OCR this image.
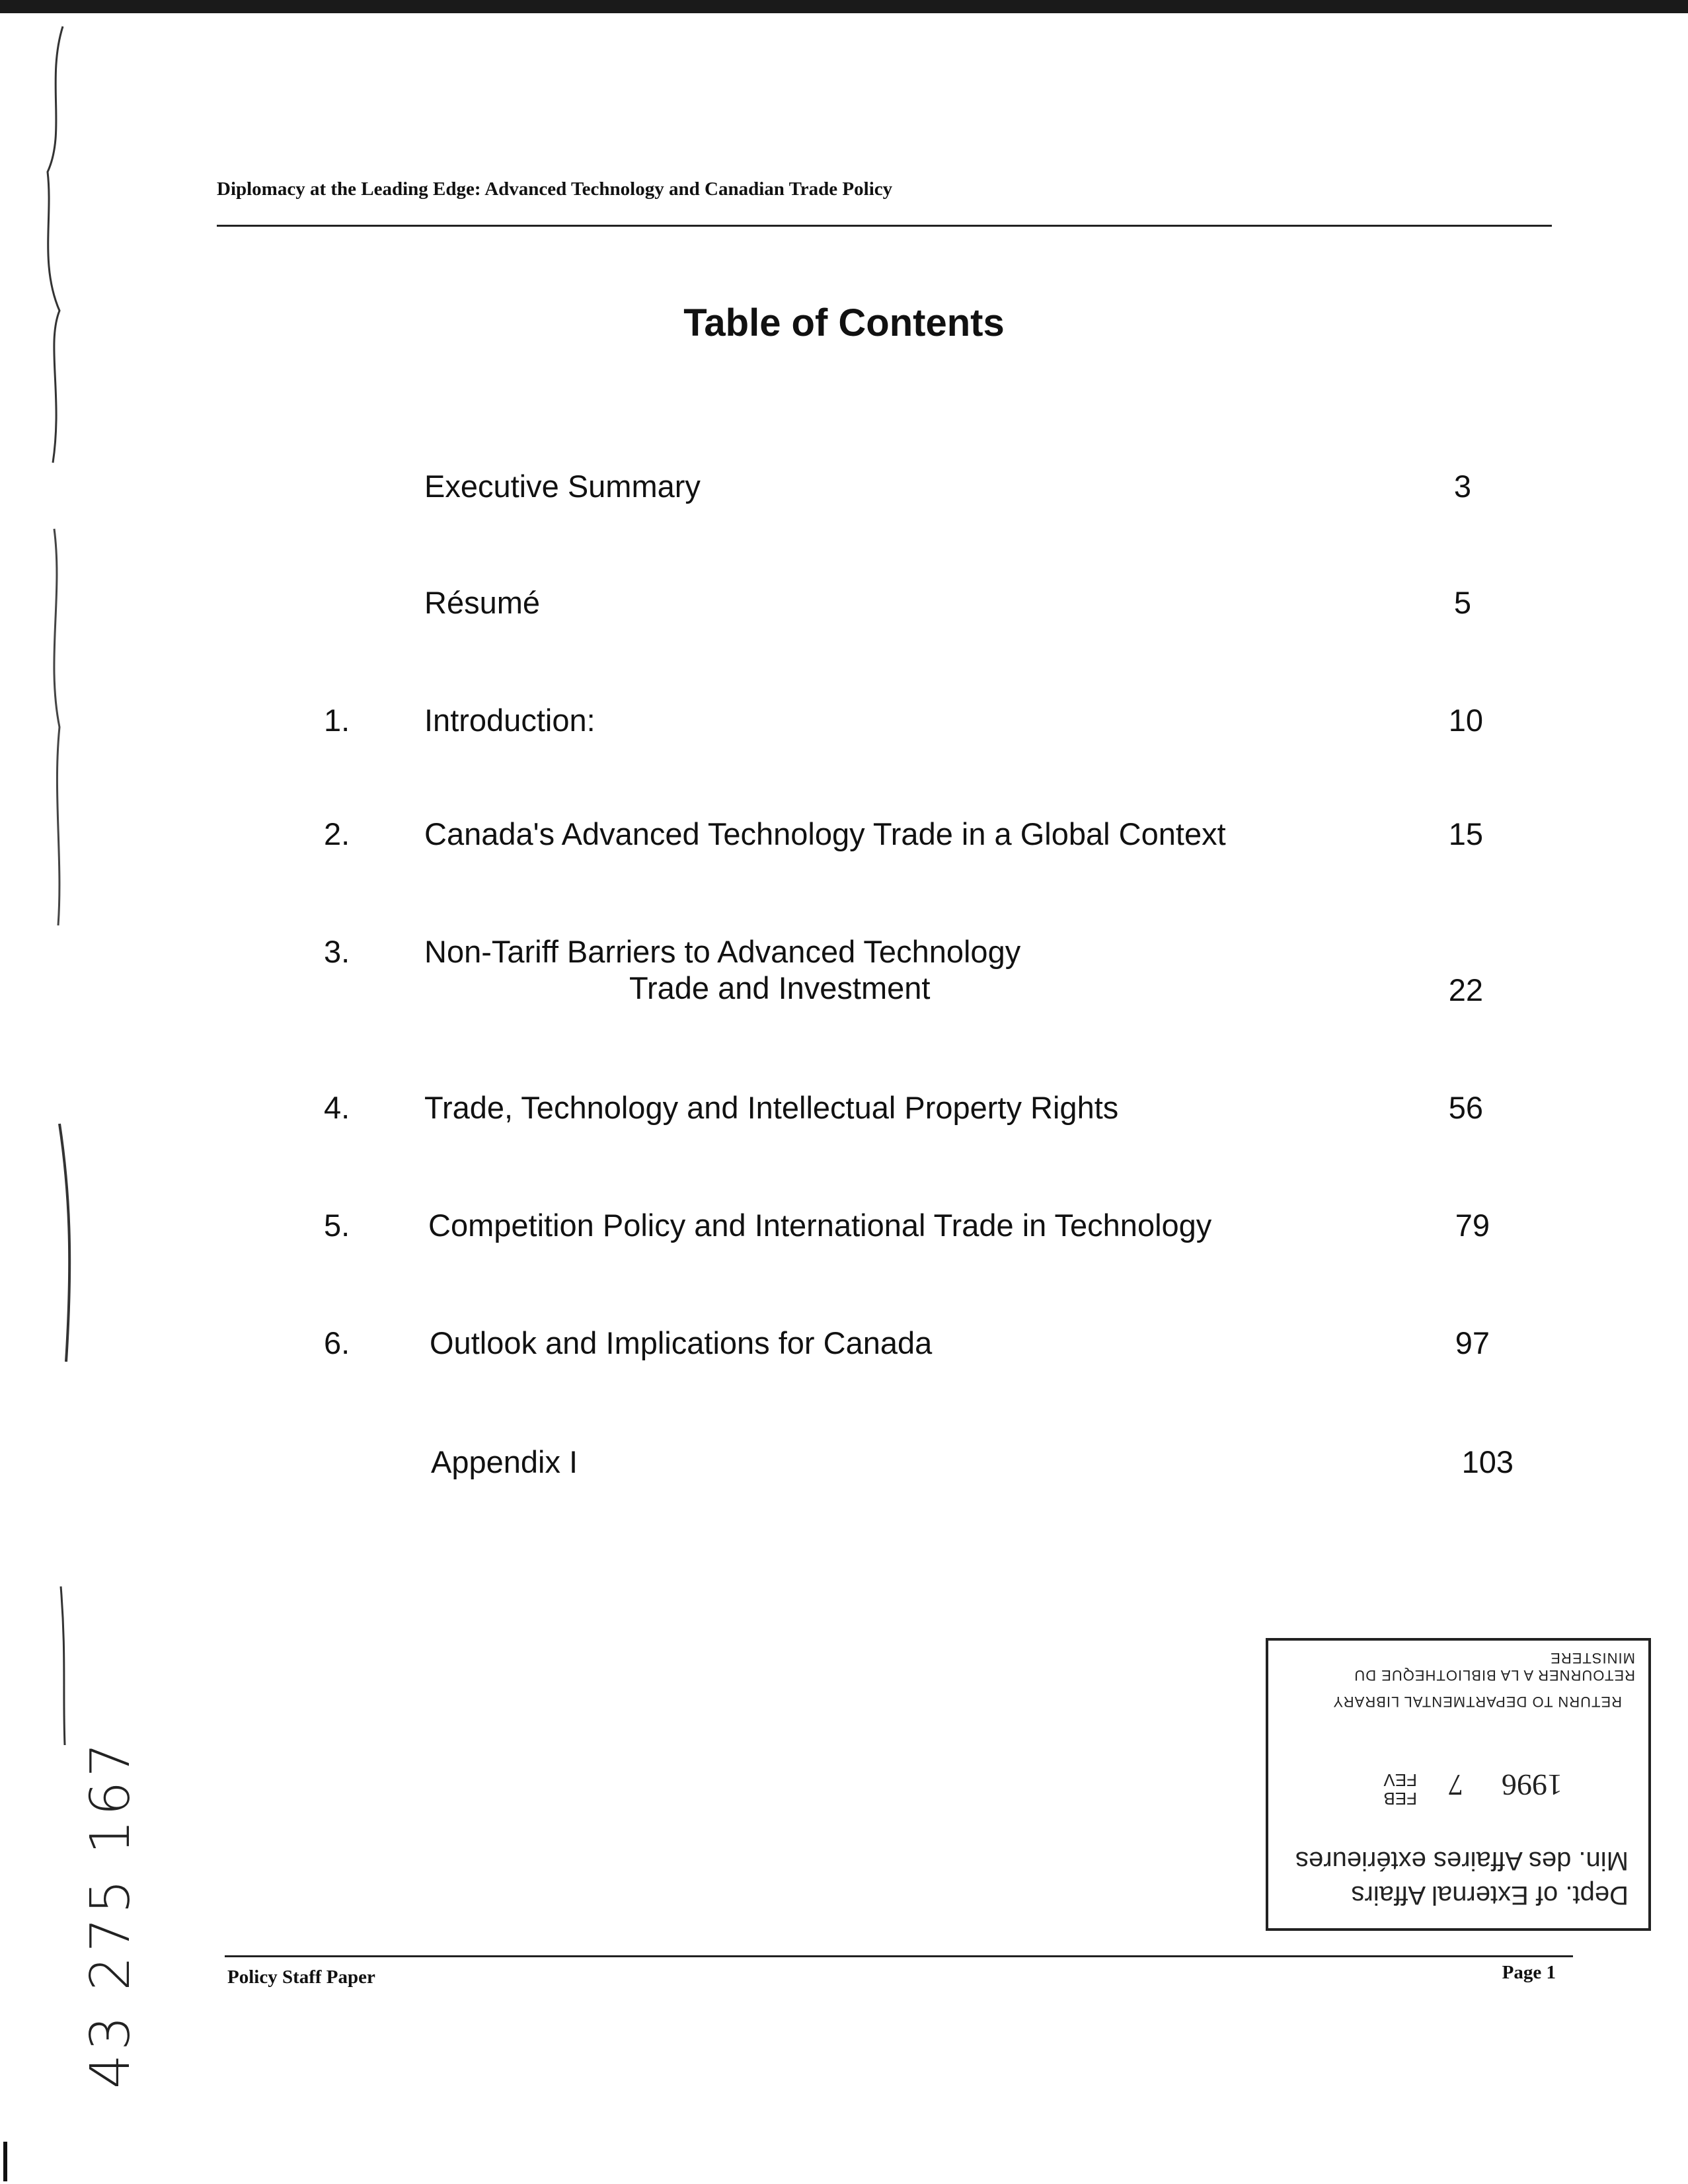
Diplomacy at the Leading Edge: Advanced Technology and Canadian Trade Policy
Table of Contents
Executive Summary	3
Résumé	5
1. Introduction:	10
2. Canada's Advanced Technology Trade in a Global Context	15
3. Non-Tariff Barriers to Advanced Technology
Trade and Investment	22
4. Trade, Technology and Intellectual Property Rights	56
5.	Competition Policy and International Trade in Technology	79
6.	Outlook and Implications for Canada	97
Appendix I	103
Dept. of External Affairs
Min. des Affaires extérieures
1996
7
FEB
FEV
RETURN TO DEPARTMENTAL LIBRARY
RETOURNER A LA BIBLIOTHEQUE DU MINISTERE
43 275 167	Policy Staff Paper	Page 1
